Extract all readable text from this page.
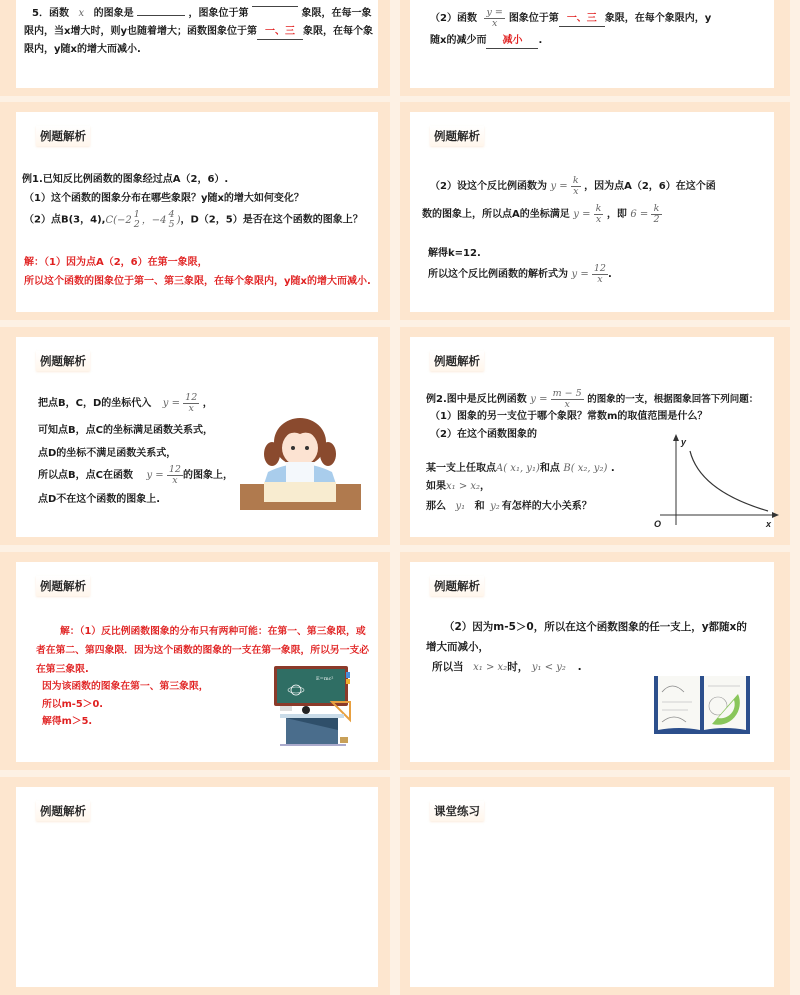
5．函数 x 的图象是	，图象位于第	象限，在每一象
限内，当x增大时，则y也随着增大；函数图象位于第 一、三 象限，在每个象
限内，y随x的增大而减小.
（2）函数 $\frac{y =}{x}$ 图象位于第 一、三 象限，在每个象限内，y
随x的减少而 减小 .
例题解析
例1.已知反比例函数的图象经过点A（2，6）.
（1）这个函数的图象分布在哪些象限？y随x的增大如何变化？
（2）点B(3，4),C(−2 1
2 ，−4 4
5 )，D（2，5）是否在这个函数的图象上？
解：（1）因为点A（2，6）在第一象限，
所以这个函数的图象位于第一、第三象限，在每个象限内，y随x的增大而减小.
例题解析
（2）设这个反比例函数为 $y = \frac{k}{x}$ ，因为点A（2，6）在这个函
数的图象上，所以点A的坐标满足 $y = \frac{k}{x}$ ，即 $6 = \frac{k}{2}$
解得k=12.
所以这个反比例函数的解析式为 $y = \frac{12}{x}$ .
例题解析
把点B，C，D的坐标代入 $y = \frac{12}{x}$ ，
可知点B，点C的坐标满足函数关系式，
点D的坐标不满足函数关系式，
所以点B，点C在函数 $y = \frac{12}{x}$ 的图象上，
点D不在这个函数的图象上.
例题解析
例2.图中是反比例函数 $y = \frac{m - 5}{x}$ 的图象的一支，根据图象回答下列问题：
（1）图象的另一支位于哪个象限？常数m的取值范围是什么？
（2）在这个函数图象的
某一支上任取点A( x₁, y₁)和点 B( x₂, y₂) .
如果x₁ > x₂，
那么 y₁ 和 y₂ 有怎样的大小关系？
y
O	x
例题解析
解：（1）反比例函数图象的分布只有两种可能：在第一、第三象限，或
者在第二、第四象限．因为这个函数的图象的一支在第一象限，所以另一支必
在第三象限.
因为该函数的图象在第一、第三象限，
所以m-5＞0.
解得m＞5.
E=mc²
例题解析
（2）因为m-5＞0，所以在这个函数图象的任一支上，y都随x的
增大而减小，
所以当 x₁ > x₂时， y₁ < y₂ .
例题解析	课堂练习
